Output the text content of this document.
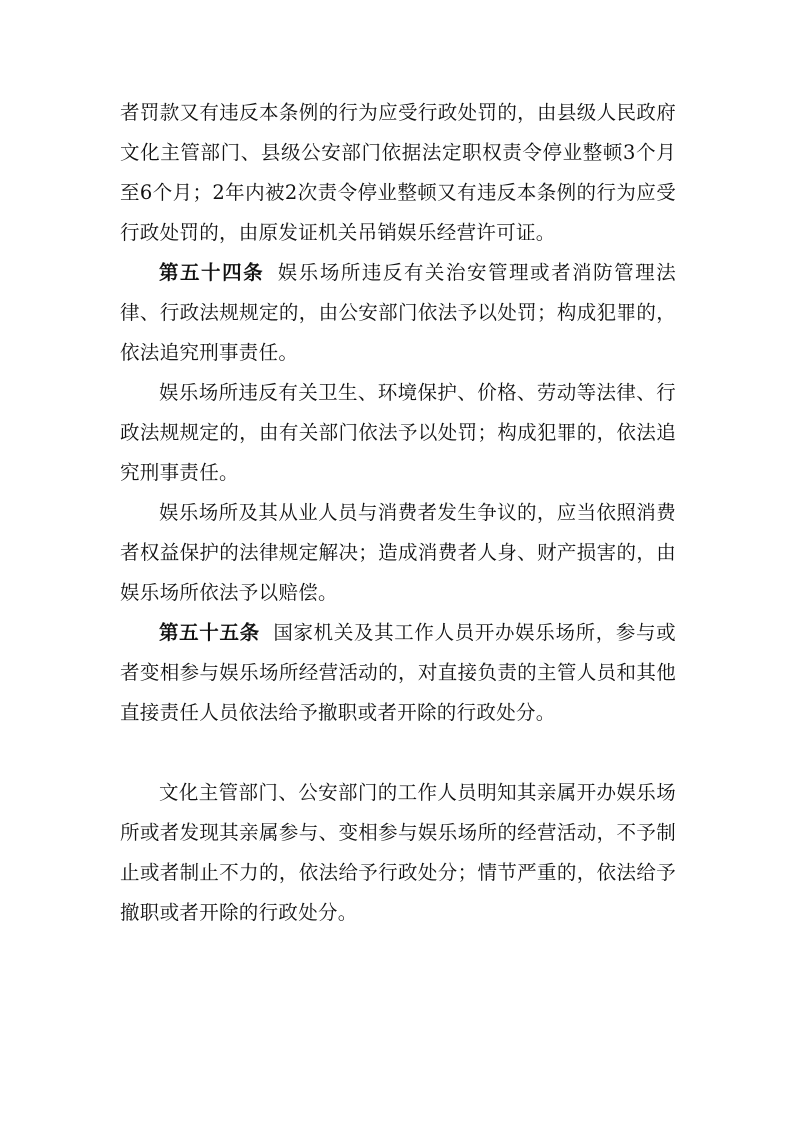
者罚款又有违反本条例的行为应受行政处罚的，由县级人民政府文化主管部门、县级公安部门依据法定职权责令停业整顿3个月至6个月；2年内被2次责令停业整顿又有违反本条例的行为应受行政处罚的，由原发证机关吊销娱乐经营许可证。

第五十四条 娱乐场所违反有关治安管理或者消防管理法律、行政法规规定的，由公安部门依法予以处罚；构成犯罪的，依法追究刑事责任。

娱乐场所违反有关卫生、环境保护、价格、劳动等法律、行政法规规定的，由有关部门依法予以处罚；构成犯罪的，依法追究刑事责任。

娱乐场所及其从业人员与消费者发生争议的，应当依照消费者权益保护的法律规定解决；造成消费者人身、财产损害的，由娱乐场所依法予以赔偿。

第五十五条 国家机关及其工作人员开办娱乐场所，参与或者变相参与娱乐场所经营活动的，对直接负责的主管人员和其他直接责任人员依法给予撤职或者开除的行政处分。

文化主管部门、公安部门的工作人员明知其亲属开办娱乐场所或者发现其亲属参与、变相参与娱乐场所的经营活动，不予制止或者制止不力的，依法给予行政处分；情节严重的，依法给予撤职或者开除的行政处分。
